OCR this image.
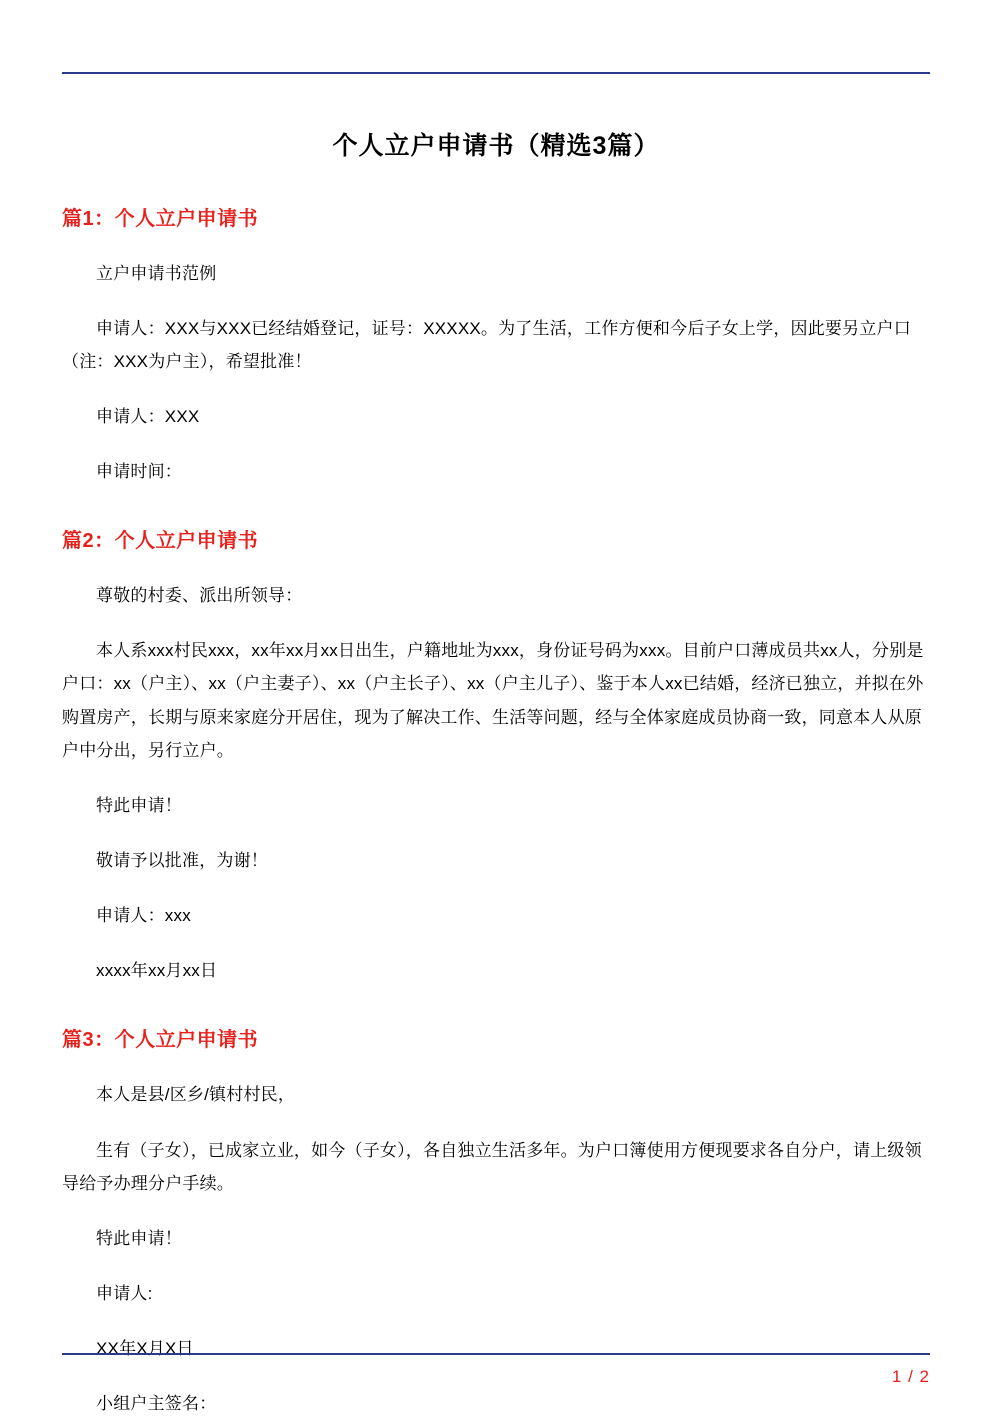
个人立户申请书（精选3篇）
篇1：个人立户申请书

立户申请书范例

申请人：XXX与XXX已经结婚登记，证号：XXXXX。为了生活，工作方便和今后子女上学，因此要另立户口（注：XXX为户主），希望批准！

申请人：XXX

申请时间：

篇2：个人立户申请书

尊敬的村委、派出所领导：

本人系xxx村民xxx，xx年xx月xx日出生，户籍地址为xxx，身份证号码为xxx。目前户口薄成员共xx人，分别是户口：xx（户主）、xx（户主妻子）、xx（户主长子）、xx（户主儿子）、鉴于本人xx已结婚，经济已独立，并拟在外购置房产，长期与原来家庭分开居住，现为了解决工作、生活等问题，经与全体家庭成员协商一致，同意本人从原户中分出，另行立户。

特此申请！

敬请予以批准，为谢！

申请人：xxx

xxxx年xx月xx日

篇3：个人立户申请书

本人是县/区乡/镇村村民，

生有（子女），已成家立业，如今（子女），各自独立生活多年。为户口簿使用方便现要求各自分户，请上级领导给予办理分户手续。

特此申请！

申请人:

XX年X月X日

小组户主签名：

1 / 2
